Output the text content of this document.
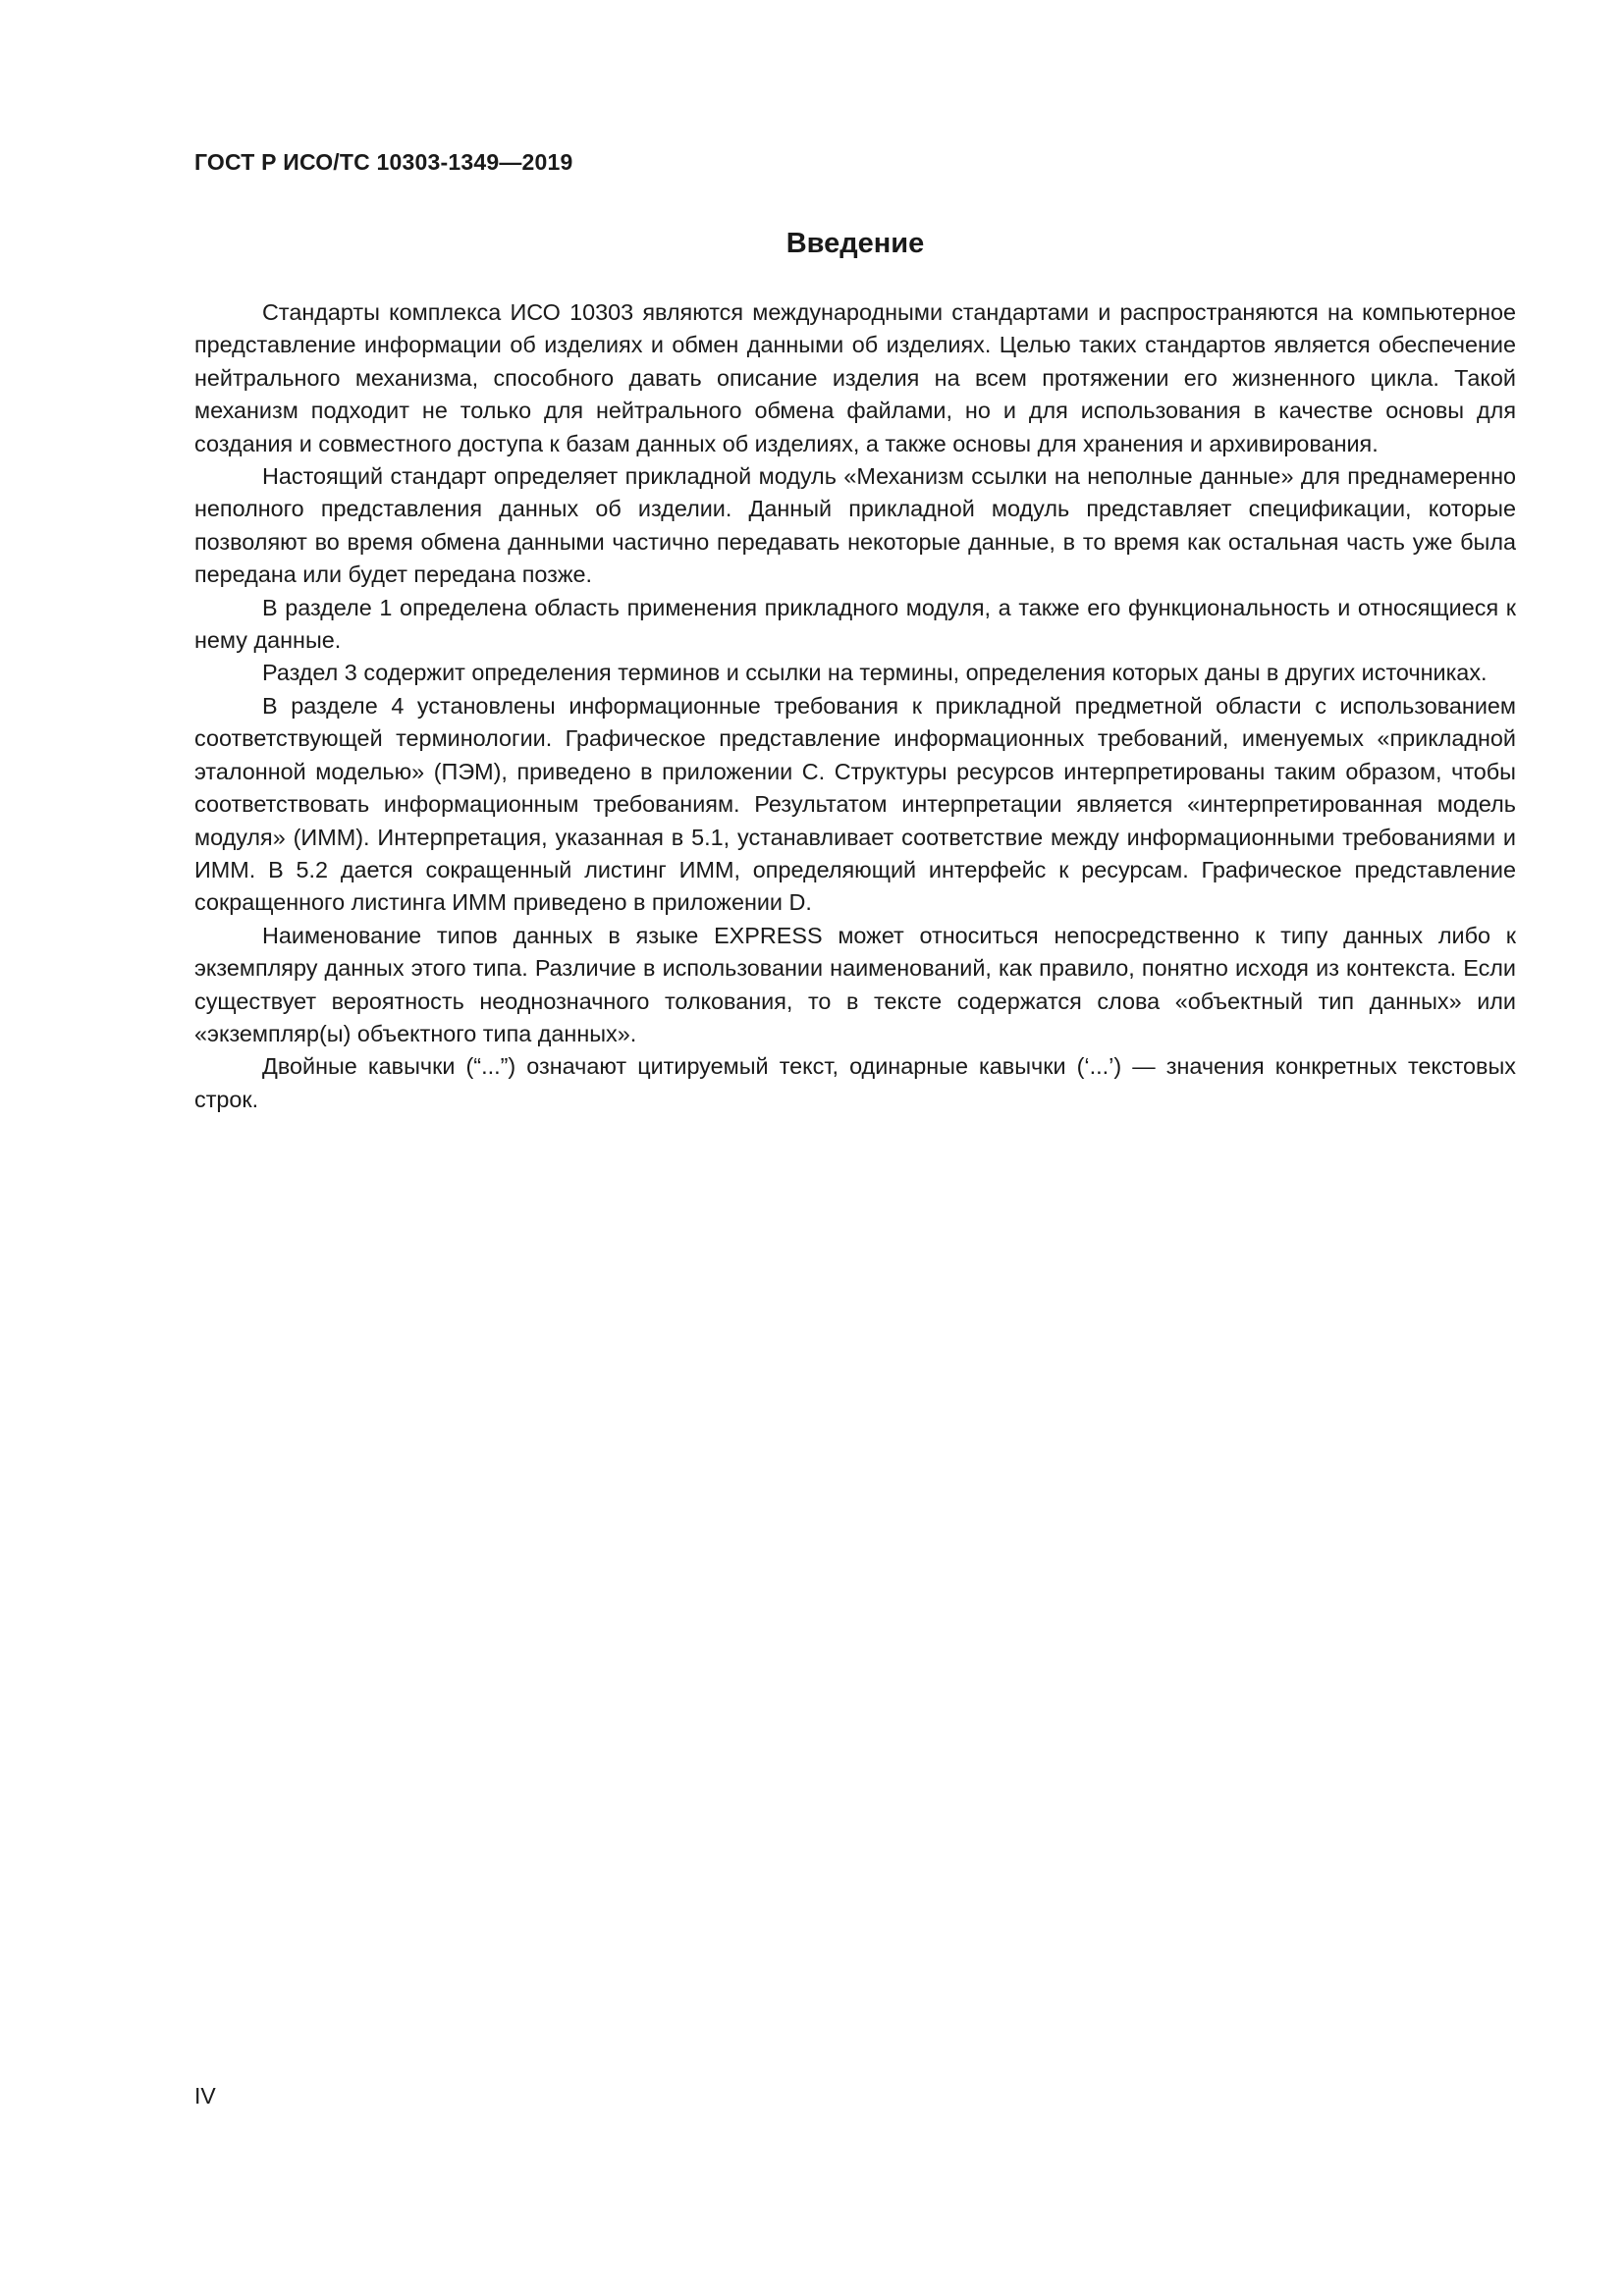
ГОСТ Р ИСО/ТС 10303-1349—2019
Введение

Стандарты комплекса ИСО 10303 являются международными стандартами и распространяются на компьютерное представление информации об изделиях и обмен данными об изделиях. Целью таких стандартов является обеспечение нейтрального механизма, способного давать описание изделия на всем протяжении его жизненного цикла. Такой механизм подходит не только для нейтрального обмена файлами, но и для использования в качестве основы для создания и совместного доступа к базам данных об изделиях, а также основы для хранения и архивирования.

Настоящий стандарт определяет прикладной модуль «Механизм ссылки на неполные данные» для преднамеренно неполного представления данных об изделии. Данный прикладной модуль представляет спецификации, которые позволяют во время обмена данными частично передавать некоторые данные, в то время как остальная часть уже была передана или будет передана позже.

В разделе 1 определена область применения прикладного модуля, а также его функциональность и относящиеся к нему данные.

Раздел 3 содержит определения терминов и ссылки на термины, определения которых даны в других источниках.

В разделе 4 установлены информационные требования к прикладной предметной области с использованием соответствующей терминологии. Графическое представление информационных требований, именуемых «прикладной эталонной моделью» (ПЭМ), приведено в приложении С. Структуры ресурсов интерпретированы таким образом, чтобы соответствовать информационным требованиям. Результатом интерпретации является «интерпретированная модель модуля» (ИММ). Интерпретация, указанная в 5.1, устанавливает соответствие между информационными требованиями и ИММ. В 5.2 дается сокращенный листинг ИММ, определяющий интерфейс к ресурсам. Графическое представление сокращенного листинга ИММ приведено в приложении D.

Наименование типов данных в языке EXPRESS может относиться непосредственно к типу данных либо к экземпляру данных этого типа. Различие в использовании наименований, как правило, понятно исходя из контекста. Если существует вероятность неоднозначного толкования, то в тексте содержатся слова «объектный тип данных» или «экземпляр(ы) объектного типа данных».

Двойные кавычки (“...”) означают цитируемый текст, одинарные кавычки (‘...’) — значения конкретных текстовых строк.

IV
